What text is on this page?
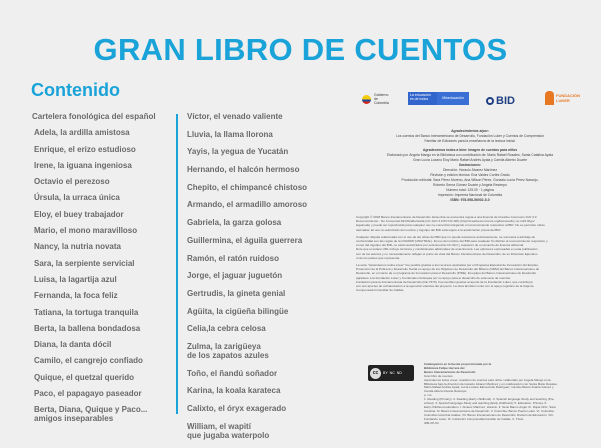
GRAN LIBRO DE CUENTOS
Contenido
Cartelera fonológica del español
Adela, la ardilla amistosa
Enrique, el erizo estudioso
Irene, la iguana ingeniosa
Octavio el perezoso
Úrsula, la urraca única
Eloy, el buey trabajador
Mario, el mono maravilloso
Nancy, la nutria novata
Sara, la serpiente servicial
Luisa, la lagartija azul
Fernanda, la foca feliz
Tatiana, la tortuga tranquila
Berta, la ballena bondadosa
Diana, la danta dócil
Camilo, el cangrejo confiado
Quique, el quetzal querido
Paco, el papagayo paseador
Berta, Diana, Quique y Paco...
amigos inseparables
Víctor, el venado valiente
Lluvia, la llama llorona
Yayis, la yegua de Yucatán
Hernando, el halcón hermoso
Chepito, el chimpancé chistoso
Armando, el armadillo amoroso
Gabriela, la garza golosa
Guillermina, el águila guerrera
Ramón, el ratón ruidoso
Jorge, el jaguar juguetón
Gertrudis, la gineta genial
Agüita, la cigüeña bilingüe
Celia,la cebra celosa
Zulma, la zarigüeya
de los zapatos azules
Toño, el ñandú soñador
Karina, la koala karateca
Calixto, el óryx exagerado
William, el wapití
que jugaba waterpolo
Gobierno de Colombia
La educación es de todos	Mineducación	BID	FUNDACIÓN
LUKER
Agradecimientos a/por:
Los cuentos del Banco Interamericano de Desarrollo, Fundación Luker y Cuentos de Comprensión
Familiar de Ediciones para la enseñanza de la lectura inicial.
Agradecemos todos a bien: imagen de cuentos para niños
Elaborado por Ángela Mango en la Biblioteca con contribución de: Mario Rafael Rosales, Santa Catalina Ayala
Gran Lucía Lozano Eloy Mario Rafael Andrés Ayala y Camila Alberto Duarte
Ilustraciones:
Dirección: Horacio Álvarez Martínez
Revisión y edición técnica: Ena Valdez Cortés Grado
Producción editorial: Sara Pérez Moreno, Ana Wilson Pérez, Gonzalo Lucía Pérez Naranjo,
Roberto Serna Gómez Duarte y Ángela Restrepo
Número total: 125.00 · 1 página
Impresión: Imprenta Nacional de Colombia
ISBN: 978-958-56002-5-0
Copyright © 2018 Banco Interamericano de Desarrollo. Esta obra se encuentra sujeta a una licencia de Creative Commons IGO 3.0
Reconocimiento - No Comercial-SinObraDerivada (CC-IGO 3.0 BY-NC-ND) (http://creativecommons.org/licenses/by-nc-nd/3.0/igo/
legalcode) y puede ser reproducida para cualquier uso no-comercial otorgando el reconocimiento respectivo al BID. No se permiten obras
derivadas. El uso no-autorizado del nombre y logotipo del BID está sujeto a la autorización previa del BID.
Cualquier disputa relacionada con el uso de las obras del BID que no pueda resolverse amistosamente, se someterá a arbitraje de
conformidad con las reglas de la CNUDMI (UNCITRAL). El uso del nombre del BID para cualquier fin distinto al reconocimiento respectivo y
el uso del logotipo del BID, no están autorizados por esta licencia CC-IGO y requieren de un acuerdo de licencia adicional.
Note que el enlace URL incluye términos y condicionales adicionales de esta licencia. Las opiniones expresadas en esta publicación
son de los autores y no necesariamente reflejan el punto de vista del Banco Interamericano de Desarrollo, de su Directorio Ejecutivo
ni de los países que representa.
La serie "Aprendemos todos a leer" fue posible gracias a los recursos aportados por el Programa Especial de Innovación del Empleo,
Protección de la Pobreza y Desarrollo Social en apoyo de los Objetivos de Desarrollo del Milenio (ODM) del Banco Interamericano de
Desarrollo, en el marco de su programa de Innovación para el Desarrollo (PIDE). El equipo del Banco Interamericano de Desarrollo
agradece a la Fundación Luker y Comfenalco Antioquia por su apoyo para el desarrollo de esta serie de cuentos.
Fundación para la Interamericana de Desarrollo (CE-7379). Fue también gracias al aporte de la Fundación Luker, que contribuyó
con sus aportes de cofinanciación a la ejecución efectiva del proyecto. La obra también contó con el apoyo logístico de la Caja de
Compensación Familiar de Caldas.
cc	BY NC ND
Catalogación en la fuente proporcionada por la
Biblioteca Felipe Herrera del
Banco Interamericano de Desarrollo
Gran libro de cuentos
Aprendemos todos a leer: cuaderno de cuentos para niños / elaborado por Ángela Mango en la
Biblioteca bajo la dirección de Horacio Álvarez Martínez y en colaboración con Santa Mario Rosales,
Mario Rafael Andrés Ayala, Lucía Lozano Elena Arias Rodríguez, Camila Alberto Duarte Gómez y
Camila Alberto Duarte Restrepo.
p. cm.
1. Reading (Primary). 2. Reading (Early childhood). 3. Spanish language-Study and teaching (Pre-
school). 4. Spanish language-Study and teaching (Early childhood). 5. Education, Primary. 6.
Early childhood education. I. Álvarez Martínez, Horacio. II. Serie Banco Ángel. III. Rojas Ortiz, Sara
Carolina. IV. Banco Interamericano de Desarrollo. V. Colombia. Banco Puerto Luker. VI. Colombia.
Colombia Colombia Caldas. VII. Banco Interamericano de Desarrollo. División de Educación. VIII.
Fundación Luker. IX. Institución Comprendida Familiar de Caldas. X. Título.
IDB-CP-93
